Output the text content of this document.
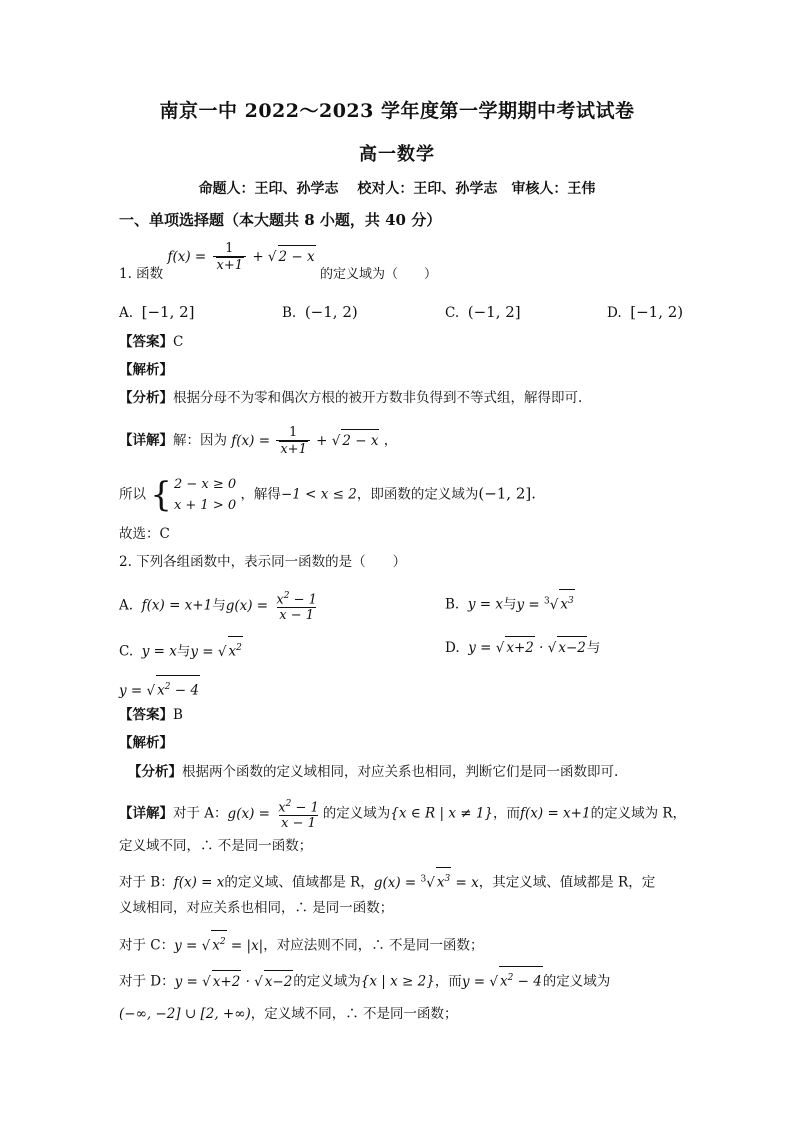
南京一中 2022～2023 学年度第一学期期中考试试卷
高一数学
命题人：王印、孙学志　 校对人：王印、孙学志　审核人：王伟
一、单项选择题（本大题共 8 小题，共 40 分）
1. 函数 $f(x) = \frac{1}{x+1}$ + √ 2 − x 的定义域为（　　）
A. [−1, 2]	B. (−1, 2)	C. (−1, 2]	D. [−1, 2)
【答案】C
【解析】
【分析】根据分母不为零和偶次方根的被开方数非负得到不等式组，解得即可.
【详解】解：因为 $f(x) = \frac{1}{x+1}$ + √ 2 − x ，
所以 { 2 − x ≥ 0
x + 1 > 0
，解得−1 < x ≤ 2，即函数的定义域为(−1, 2].
故选：C
2. 下列各组函数中，表示同一函数的是（　　）
A. f(x) = x+1与$g(x) = \frac{x^2 - 1}{x - 1}$	B. y = x与y = $^3$√ $x^3$
C. y = x与y = √ $x^2$	D. y = √ x+2 · √ x−2与
y = √ $x^2 - 4$
【答案】B
【解析】
【分析】根据两个函数的定义域相同，对应关系也相同，判断它们是同一函数即可.
【详解】对于 A：$g(x) = \frac{x^2 - 1}{x - 1}$ 的定义域为{x ∈ R | x ≠ 1}，而f(x) = x+1的定义域为 R，
定义域不同，∴ 不是同一函数；
对于 B：f(x) = x的定义域、值域都是 R，g(x) = $^3$√ $x^3 = x$，其定义域、值域都是 R，定
义域相同，对应关系也相同，∴ 是同一函数；
对于 C：y = √ $x^2 = |x|$，对应法则不同，∴ 不是同一函数；
对于 D：y = √ x+2 · √ x−2的定义域为{x | x ≥ 2}，而y = √ $x^2 - 4$的定义域为
(−∞, −2] ∪ [2, +∞)，定义域不同，∴ 不是同一函数；
